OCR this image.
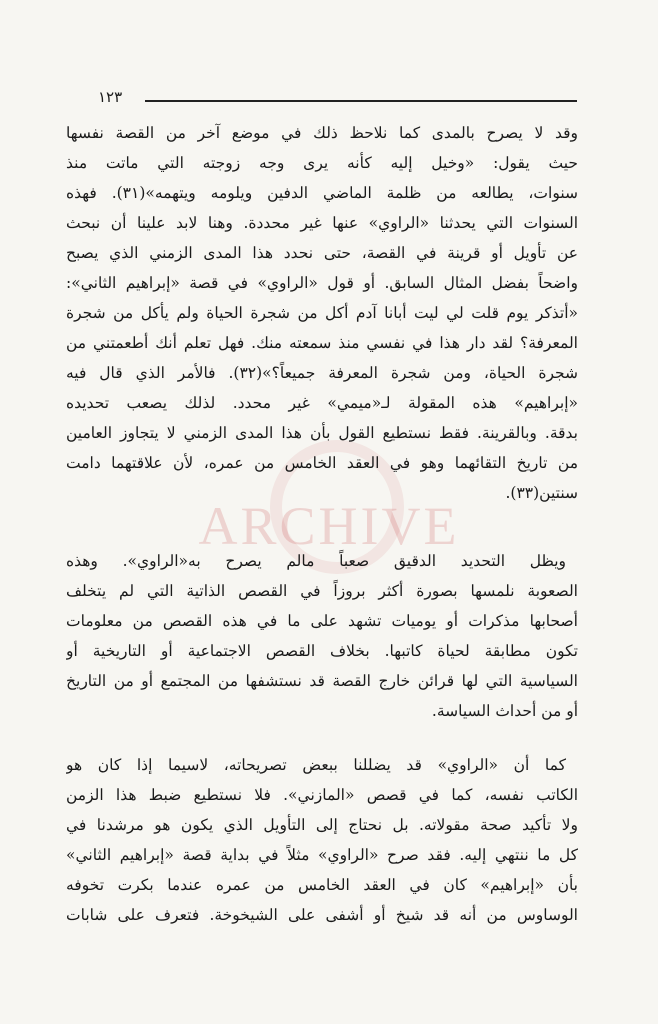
ARCHIVE
١٢٣
وقد لا يصرح بالمدى كما نلاحظ ذلك في موضع آخر من القصة نفسها
حيث يقول: «وخيل إليه كأنه يرى وجه زوجته التي ماتت منذ
سنوات، يطالعه من ظلمة الماضي الدفين ويلومه ويتهمه»(٣١). فهذه
السنوات التي يحدثنا «الراوي» عنها غير محددة. وهنا لابد علينا أن نبحث
عن تأويل أو قرينة في القصة، حتى نحدد هذا المدى الزمني الذي يصبح
واضحاً بفضل المثال السابق. أو قول «الراوي» في قصة «إبراهيم الثاني»:
«أتذكر يوم قلت لي ليت أبانا آدم أكل من شجرة الحياة ولم يأكل من شجرة
المعرفة؟ لقد دار هذا في نفسي منذ سمعته منك. فهل تعلم أنك أطعمتني من
شجرة الحياة، ومن شجرة المعرفة جميعاً؟»(٣٢). فالأمر الذي قال فيه
«إبراهيم» هذه المقولة لـ«ميمي» غير محدد. لذلك يصعب تحديده
بدقة. وبالقرينة. فقط نستطيع القول بأن هذا المدى الزمني لا يتجاوز العامين
من تاريخ التقائهما وهو في العقد الخامس من عمره، لأن علاقتهما دامت
سنتين(٣٣).
ويظل التحديد الدقيق صعباً مالم يصرح به«الراوي». وهذه
الصعوبة نلمسها بصورة أكثر بروزاً في القصص الذاتية التي لم يتخلف
أصحابها مذكرات أو يوميات تشهد على ما في هذه القصص من معلومات
تكون مطابقة لحياة كاتبها. بخلاف القصص الاجتماعية أو التاريخية أو
السياسية التي لها قرائن خارج القصة قد نستشفها من المجتمع أو من التاريخ
أو من أحداث السياسة.
كما أن «الراوي» قد يضللنا ببعض تصريحاته، لاسيما إذا كان هو
الكاتب نفسه، كما في قصص «المازني». فلا نستطيع ضبط هذا الزمن
ولا تأكيد صحة مقولاته. بل نحتاج إلى التأويل الذي يكون هو مرشدنا في
كل ما ننتهي إليه. فقد صرح «الراوي» مثلاً في بداية قصة «إبراهيم الثاني»
بأن «إبراهيم» كان في العقد الخامس من عمره عندما بكرت تخوفه
الوساوس من أنه قد شيخ أو أشفى على الشيخوخة. فتعرف على شابات
